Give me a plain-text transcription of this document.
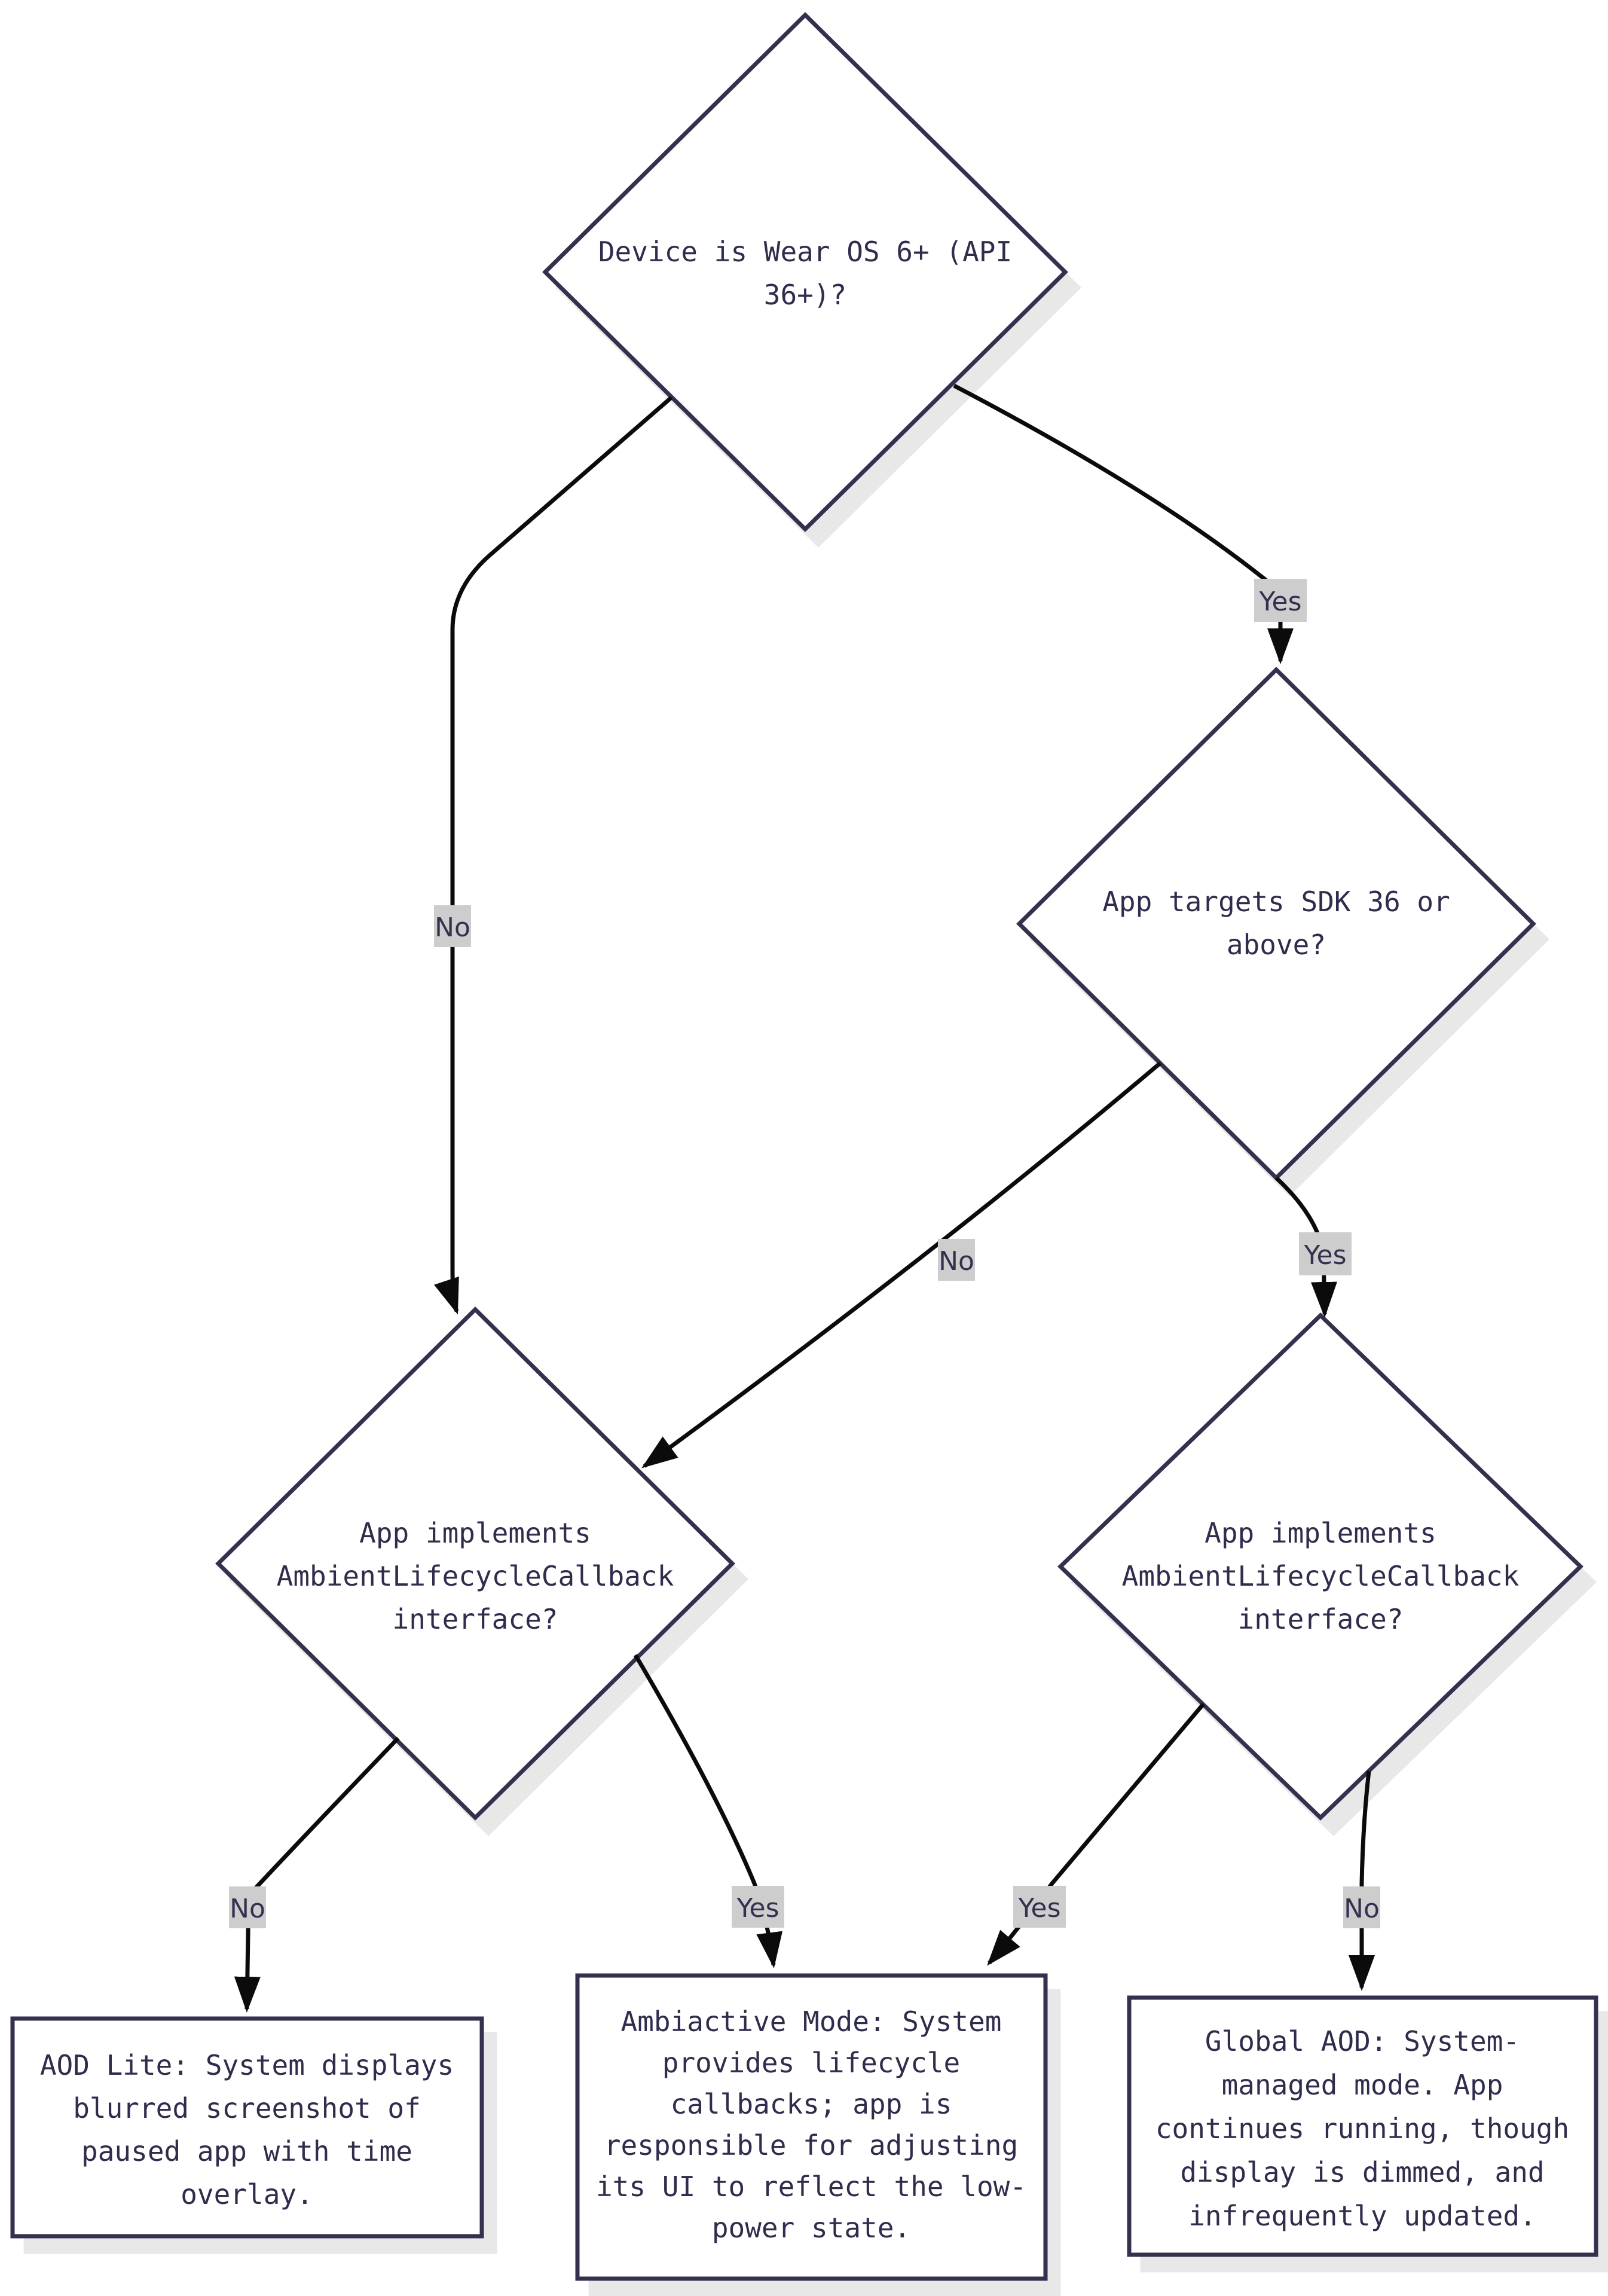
Yes
No
No	Yes
No	Yes	Yes	No
Device is Wear OS 6+ (API
36+)?
App targets SDK 36 or
above?
App implements
AmbientLifecycleCallback
interface?
App implements
AmbientLifecycleCallback
interface?
AOD Lite: System displays
blurred screenshot of
paused app with time
overlay.
Ambiactive Mode: System
provides lifecycle
callbacks; app is
responsible for adjusting
its UI to reflect the low-
power state.
Global AOD: System-
managed mode. App
continues running, though
display is dimmed, and
infrequently updated.
